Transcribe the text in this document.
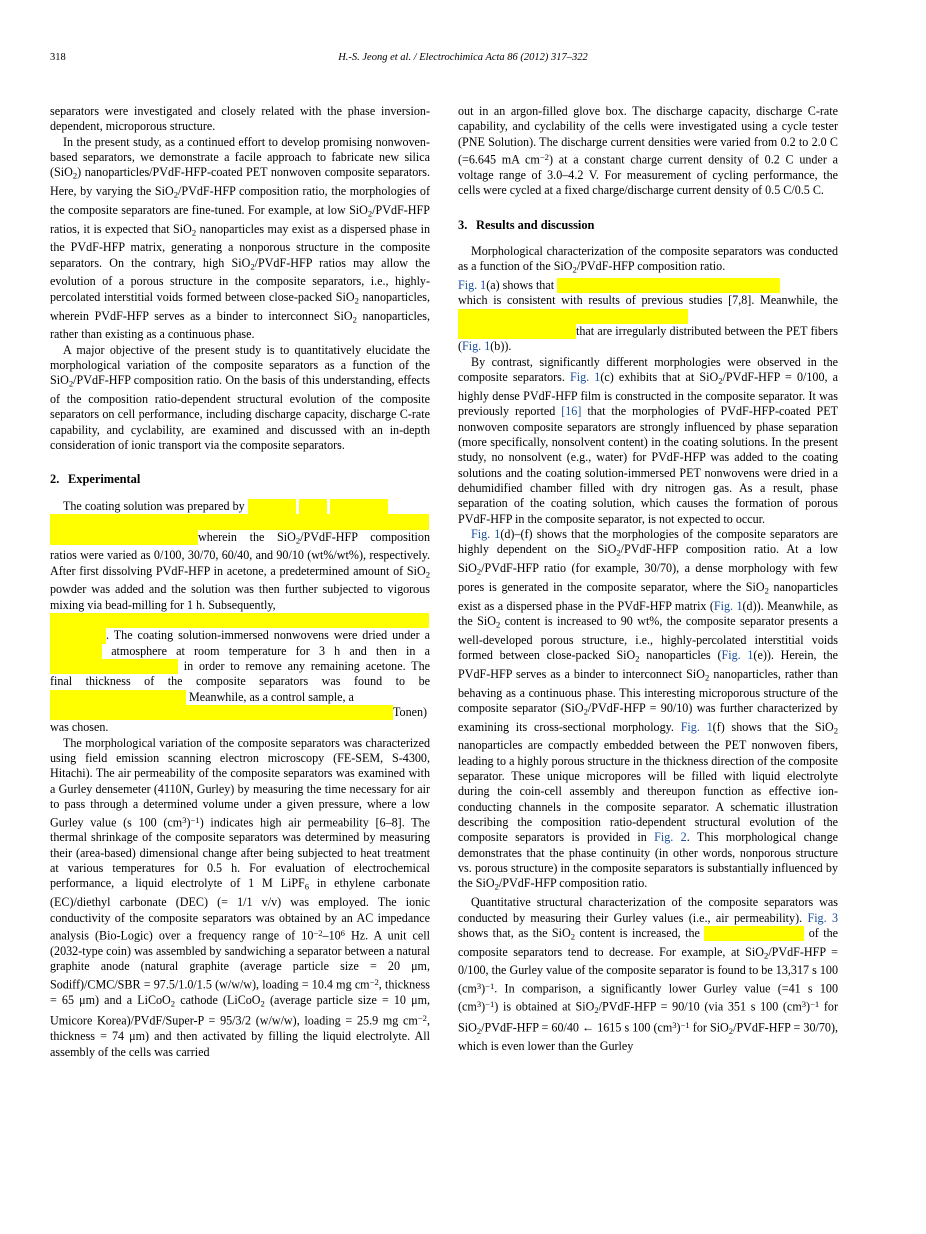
318	H.-S. Jeong et al. / Electrochimica Acta 86 (2012) 317–322

separators were investigated and closely related with the phase inversion-dependent, microporous structure.

In the present study, as a continued effort to develop promising nonwoven-based separators, we demonstrate a facile approach to fabricate new silica (SiO$_2$) nanoparticles/PVdF-HFP-coated PET nonwoven composite separators. Here, by varying the SiO$_2$/PVdF-HFP composition ratio, the morphologies of the composite separators are fine-tuned. For example, at low SiO$_2$/PVdF-HFP ratios, it is expected that SiO$_2$ nanoparticles may exist as a dispersed phase in the PVdF-HFP matrix, generating a nonporous structure in the composite separators. On the contrary, high SiO$_2$/PVdF-HFP ratios may allow the evolution of a porous structure in the composite separators, i.e., highly-percolated interstitial voids formed between close-packed SiO$_2$ nanoparticles, wherein PVdF-HFP serves as a binder to interconnect SiO$_2$ nanoparticles, rather than existing as a continuous phase.

A major objective of the present study is to quantitatively elucidate the morphological variation of the composite separators as a function of the SiO$_2$/PVdF-HFP composition ratio. On the basis of this understanding, effects of the composition ratio-dependent structural evolution of the composite separators on cell performance, including discharge capacity, discharge C-rate capability, and cyclability, are examined and discussed with an in-depth consideration of ionic transport via the composite separators.

2. Experimental

The coating solution was prepared by

wherein the SiO$_2$/PVdF-HFP composition ratios were varied as 0/100, 30/70, 60/40, and 90/10 (wt%/wt%), respectively. After first dissolving PVdF-HFP in acetone, a predetermined amount of SiO$_2$ powder was added and the solution was then further subjected to vigorous mixing via bead-milling for 1 h. Subsequently,

. The coating solution-immersed nonwovens were dried under a   atmosphere at room temperature for 3 h and then in a   in order to remove any remaining acetone. The final thickness of the composite separators was found to be   Meanwhile, as a control sample, a
Tonen)
was chosen.

The morphological variation of the composite separators was characterized using field emission scanning electron microscopy (FE-SEM, S-4300, Hitachi). The air permeability of the composite separators was examined with a Gurley densemeter (4110N, Gurley) by measuring the time necessary for air to pass through a determined volume under a given pressure, where a low Gurley value (s 100 $(cm^3)^{-1}$) indicates high air permeability [6–8]. The thermal shrinkage of the composite separators was determined by measuring their (area-based) dimensional change after being subjected to heat treatment at various temperatures for 0.5 h. For evaluation of electrochemical performance, a liquid electrolyte of 1 M LiPF$_6$ in ethylene carbonate (EC)/diethyl carbonate (DEC) (= 1/1 v/v) was employed. The ionic conductivity of the composite separators was obtained by an AC impedance analysis (Bio-Logic) over a frequency range of $10^{-2}-10^6$ Hz. A unit cell (2032-type coin) was assembled by sandwiching a separator between a natural graphite anode (natural graphite (average particle size = 20 μm, Sodiff)/CMC/SBR = 97.5/1.0/1.5 (w/w/w), loading = 10.4 mg $cm^{-2}$, thickness = 65 μm) and a LiCoO$_2$ cathode (LiCoO$_2$ (average particle size = 10 μm, Umicore Korea)/PVdF/Super-P = 95/3/2 (w/w/w), loading = 25.9 mg $cm^{-2}$, thickness = 74 μm) and then activated by filling the liquid electrolyte. All assembly of the cells was carried

out in an argon-filled glove box. The discharge capacity, discharge C-rate capability, and cyclability of the cells were investigated using a cycle tester (PNE Solution). The discharge current densities were varied from 0.2 to 2.0 C (=6.645 mA $cm^{-2}$) at a constant charge current density of 0.2 C under a voltage range of 3.0–4.2 V. For measurement of cycling performance, the cells were cycled at a fixed charge/discharge current density of 0.5 C/0.5 C.

3. Results and discussion

Morphological characterization of the composite separators was conducted as a function of the SiO$_2$/PVdF-HFP composition ratio.
Fig. 1(a) shows that
which is consistent with results of previous studies [7,8]. Meanwhile, the
that are irregularly distributed between the PET fibers (Fig. 1(b)).

By contrast, significantly different morphologies were observed in the composite separators. Fig. 1(c) exhibits that at SiO$_2$/PVdF-HFP = 0/100, a highly dense PVdF-HFP film is constructed in the composite separator. It was previously reported [16] that the morphologies of PVdF-HFP-coated PET nonwoven composite separators are strongly influenced by phase separation (more specifically, nonsolvent content) in the coating solutions. In the present study, no nonsolvent (e.g., water) for PVdF-HFP was added to the coating solutions and the coating solution-immersed PET nonwovens were dried in a dehumidified chamber filled with dry nitrogen gas. As a result, phase separation of the coating solution, which causes the formation of porous PVdF-HFP in the composite separator, is not expected to occur.

Fig. 1(d)–(f) shows that the morphologies of the composite separators are highly dependent on the SiO$_2$/PVdF-HFP composition ratio. At a low SiO$_2$/PVdF-HFP ratio (for example, 30/70), a dense morphology with few pores is generated in the composite separator, where the SiO$_2$ nanoparticles exist as a dispersed phase in the PVdF-HFP matrix (Fig. 1(d)). Meanwhile, as the SiO$_2$ content is increased to 90 wt%, the composite separator presents a well-developed porous structure, i.e., highly-percolated interstitial voids formed between close-packed SiO$_2$ nanoparticles (Fig. 1(e)). Herein, the PVdF-HFP serves as a binder to interconnect SiO$_2$ nanoparticles, rather than behaving as a continuous phase. This interesting microporous structure of the composite separator (SiO$_2$/PVdF-HFP = 90/10) was further characterized by examining its cross-sectional morphology. Fig. 1(f) shows that the SiO$_2$ nanoparticles are compactly embedded between the PET nonwoven fibers, leading to a highly porous structure in the thickness direction of the composite separator. These unique micropores will be filled with liquid electrolyte during the coin-cell assembly and thereupon function as effective ion-conducting channels in the composite separator. A schematic illustration describing the composition ratio-dependent structural evolution of the composite separators is provided in Fig. 2. This morphological change demonstrates that the phase continuity (in other words, nonporous structure vs. porous structure) in the composite separators is substantially influenced by the SiO$_2$/PVdF-HFP composition ratio.

Quantitative structural characterization of the composite separators was conducted by measuring their Gurley values (i.e., air permeability). Fig. 3 shows that, as the SiO$_2$ content is increased, the	of the composite separators tend to decrease. For example, at SiO$_2$/PVdF-HFP = 0/100, the Gurley value of the composite separator is found to be 13,317 s 100 $(cm^3)^{-1}$. In comparison, a significantly lower Gurley value (=41 s 100 $(cm^3)^{-1}$) is obtained at SiO$_2$/PVdF-HFP = 90/10 (via 351 s 100 $(cm^3)^{-1}$ for SiO$_2$/PVdF-HFP = 60/40 ← 1615 s 100 $(cm^3)^{-1}$ for SiO$_2$/PVdF-HFP = 30/70), which is even lower than the Gurley
